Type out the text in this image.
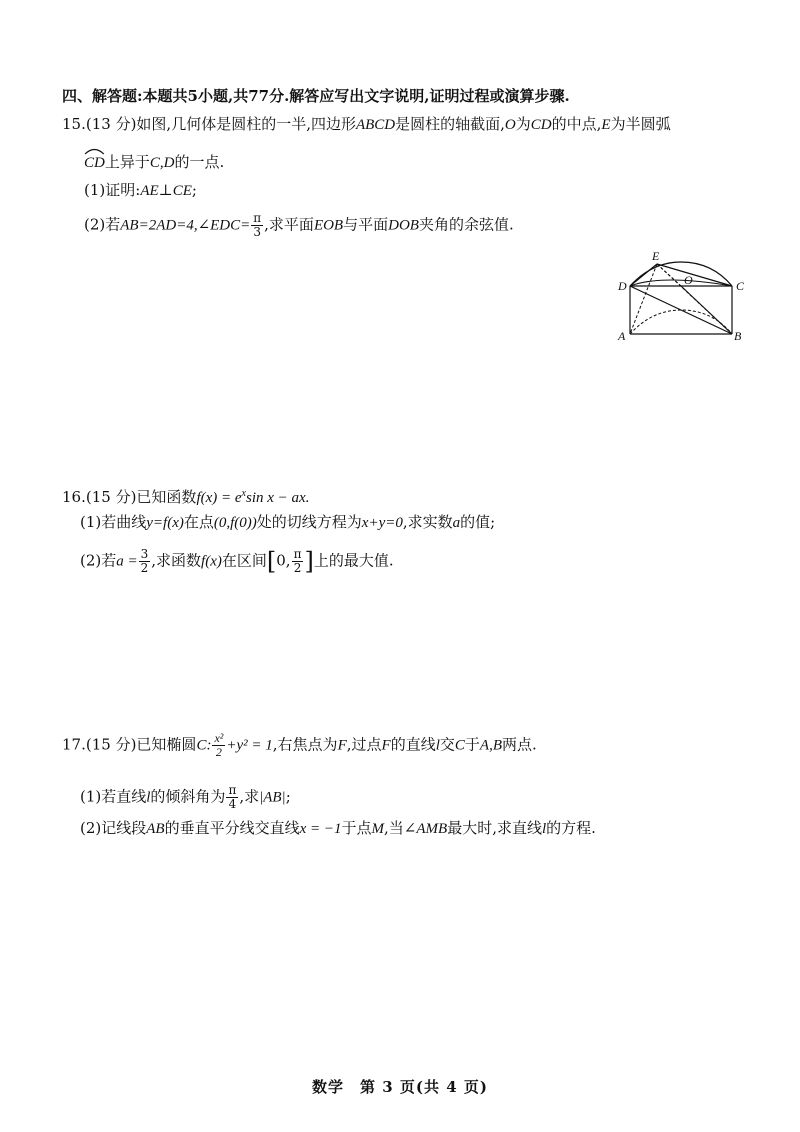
四、解答题:本题共5小题,共77分.解答应写出文字说明,证明过程或演算步骤.
15.(13 分)如图,几何体是圆柱的一半,四边形ABCD是圆柱的轴截面,O为CD的中点,E为半圆弧
CD上异于C,D的一点.
(1)证明:AE⊥CE;
(2)若AB=2AD=4,∠EDC= $\frac{\pi}{3}$ ,求平面EOB与平面DOB夹角的余弦值.
E
D	O	C
A	B
16.(15 分)已知函数$f(x) = e^x\sin$ x − ax.
(1)若曲线y=f(x)在点(0,f(0))处的切线方程为x+y=0,求实数a的值;
(2)若$a = \frac{3}{2}$ ,求函数f(x)在区间[0, $\frac{\pi}{2}$ ]上的最大值.
17.(15 分)已知椭圆C: $\frac{\text{x²}}{2} +y^2 = 1$,右焦点为F,过点F的直线l交C于A,B两点.
(1)若直线l的倾斜角为 $\frac{\pi}{4}$ ,求|AB|;
(2)记线段AB的垂直平分线交直线x = −1于点M,当∠AMB最大时,求直线l的方程.
数学　第 3 页(共 4 页)
